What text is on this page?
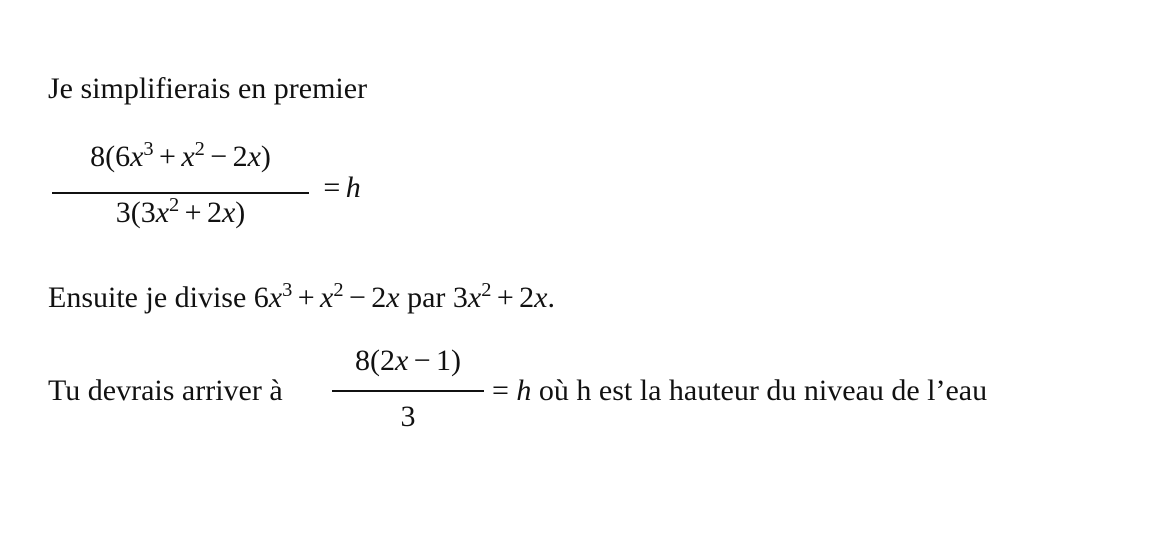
Je simplifierais en premier
$8(6x^3 + x^2 - 2x)$
$3(3x^2 + 2x)$
= h
Ensuite je divise $6x^3 + x^2 - 2x$ par $3x^2 + 2x$.
Tu devrais arriver à
8(2x − 1)
3
= h où h est la hauteur du niveau de l’eau
